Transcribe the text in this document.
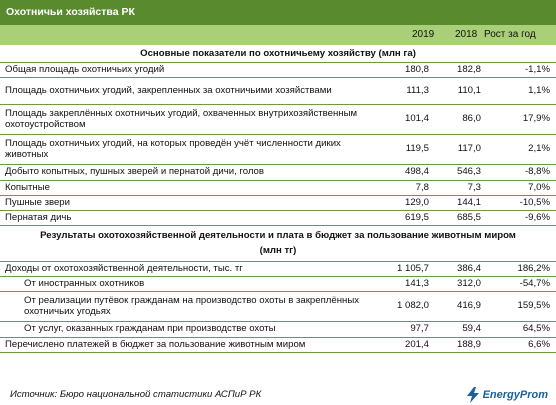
Охотничьи хозяйства РК
2019 2018 Рост за год
Основные показатели по охотничьему хозяйству (млн га)			
Общая площадь охотничьих угодий	180,8	182,8	-1,1%
Площадь охотничьих угодий, закрепленных за охотничьими хозяйствами	111,3	110,1	1,1%
Площадь закреплённых охотничьих угодий, охваченных внутрихозяйственным охотоустройством	101,4	86,0	17,9%
Площадь охотничьих угодий, на которых проведён учёт численности диких животных	119,5	117,0	2,1%
Добыто копытных, пушных зверей и пернатой дичи, голов	498,4	546,3	-8,8%
Копытные	7,8	7,3	7,0%
Пушные звери	129,0	144,1	-10,5%
Пернатая дичь	619,5	685,5	-9,6%

Результаты охотохозяйственной деятельности и плата в бюджет за пользование животным миром
(млн тг)			

Доходы от охотохозяйственной деятельности, тыс. тг	1 105,7	386,4	186,2%
От иностранных охотников	141,3	312,0	-54,7%
От реализации путёвок гражданам на производство охоты в закреплённых охотничьих угодьях	1 082,0	416,9	159,5%
От услуг, оказанных гражданам при производстве охоты	97,7	59,4	64,5%
Перечислено платежей в бюджет за пользование животным миром	201,4	188,9	6,6%
Источник: Бюро национальной статистики АСПиР РК	EnergyProm
